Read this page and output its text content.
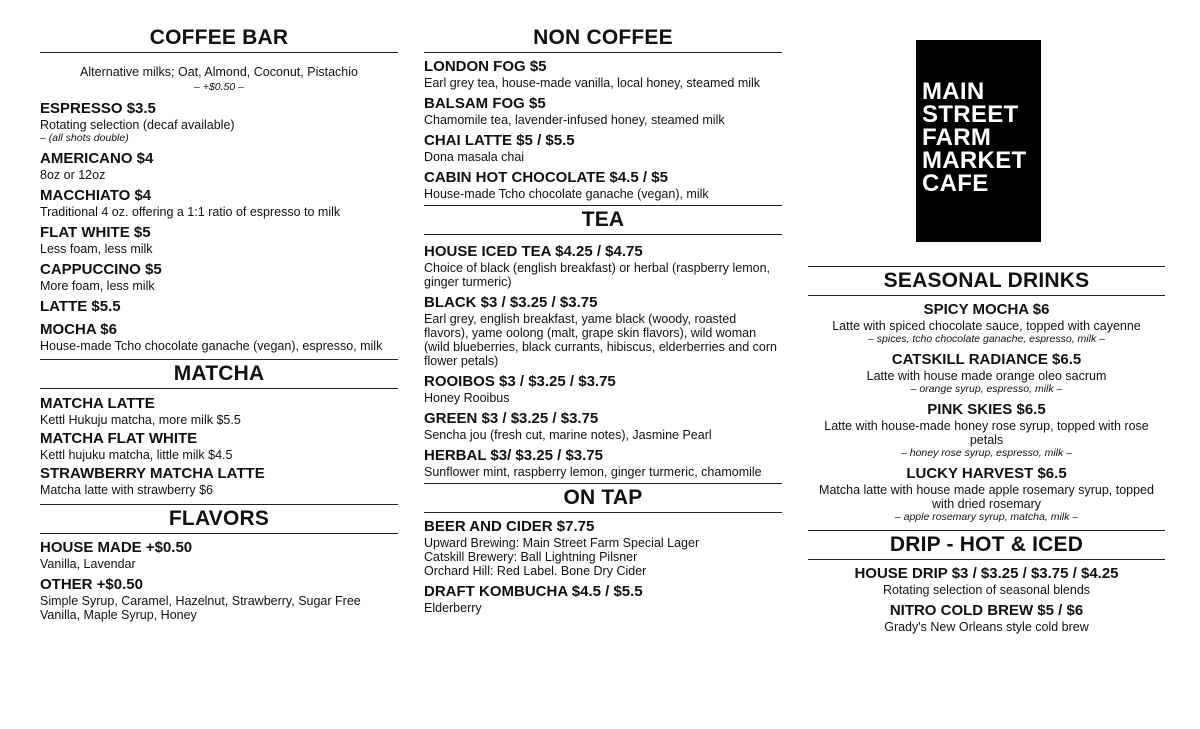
COFFEE BAR
Alternative milks; Oat, Almond, Coconut, Pistachio
– +$0.50 –
ESPRESSO $3.5
Rotating selection (decaf available)
– (all shots double)
AMERICANO $4
8oz or 12oz
MACCHIATO $4
Traditional 4 oz. offering a 1:1 ratio of espresso to milk
FLAT WHITE $5
Less foam, less milk
CAPPUCCINO $5
More foam, less milk
LATTE $5.5
MOCHA $6
House-made Tcho chocolate ganache (vegan), espresso, milk
MATCHA
MATCHA LATTE
Kettl Hukuju matcha, more milk $5.5
MATCHA FLAT WHITE
Kettl hujuku matcha, little milk $4.5
STRAWBERRY MATCHA LATTE
Matcha latte with strawberry $6
FLAVORS
HOUSE MADE +$0.50
Vanilla, Lavendar
OTHER +$0.50
Simple Syrup, Caramel, Hazelnut, Strawberry, Sugar Free Vanilla, Maple Syrup, Honey
NON COFFEE
LONDON FOG $5
Earl grey tea, house-made vanilla, local honey, steamed milk
BALSAM FOG $5
Chamomile tea, lavender-infused honey, steamed milk
CHAI LATTE $5 / $5.5
Dona masala chai
CABIN HOT CHOCOLATE $4.5 / $5
House-made Tcho chocolate ganache (vegan), milk
TEA
HOUSE ICED TEA $4.25 / $4.75
Choice of black (english breakfast) or herbal (raspberry lemon, ginger turmeric)
BLACK $3 / $3.25 / $3.75
Earl grey, english breakfast, yame black (woody, roasted flavors), yame oolong (malt, grape skin flavors), wild woman (wild blueberries, black currants, hibiscus, elderberries and corn flower petals)
ROOIBOS $3 / $3.25 / $3.75
Honey Rooibus
GREEN $3 / $3.25 / $3.75
Sencha jou (fresh cut, marine notes), Jasmine Pearl
HERBAL $3/ $3.25 / $3.75
Sunflower mint, raspberry lemon, ginger turmeric, chamomile
ON TAP
BEER AND CIDER $7.75
Upward Brewing: Main Street Farm Special Lager
Catskill Brewery: Ball Lightning Pilsner
Orchard Hill: Red Label. Bone Dry Cider
DRAFT KOMBUCHA $4.5 / $5.5
Elderberry
MAIN
STREET
FARM
MARKET
CAFE
SEASONAL DRINKS
SPICY MOCHA $6
Latte with spiced chocolate sauce, topped with cayenne
– spices, tcho chocolate ganache, espresso, milk –
CATSKILL RADIANCE $6.5
Latte with house made orange oleo sacrum
– orange syrup, espresso, milk –
PINK SKIES $6.5
Latte with house-made honey rose syrup, topped with rose petals
– honey rose syrup, espresso, milk –
LUCKY HARVEST $6.5
Matcha latte with house made apple rosemary syrup, topped with dried rosemary
– apple rosemary syrup, matcha, milk –
DRIP - HOT & ICED
HOUSE DRIP $3 / $3.25 / $3.75 / $4.25
Rotating selection of seasonal blends
NITRO COLD BREW $5 / $6
Grady's New Orleans style cold brew
